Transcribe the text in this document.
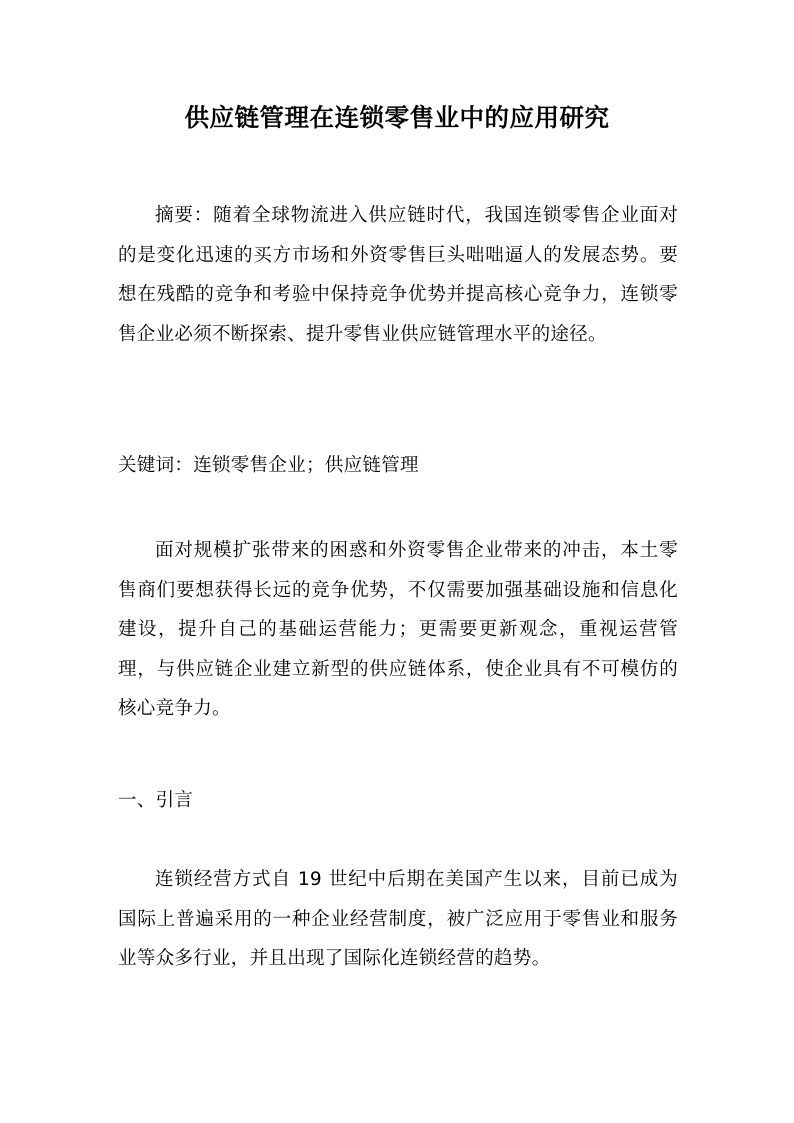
供应链管理在连锁零售业中的应用研究
摘要：随着全球物流进入供应链时代，我国连锁零售企业面对的是变化迅速的买方市场和外资零售巨头咄咄逼人的发展态势。要想在残酷的竞争和考验中保持竞争优势并提高核心竞争力，连锁零售企业必须不断探索、提升零售业供应链管理水平的途径。
关键词：连锁零售企业；供应链管理
面对规模扩张带来的困惑和外资零售企业带来的冲击，本土零售商们要想获得长远的竞争优势，不仅需要加强基础设施和信息化建设，提升自己的基础运营能力；更需要更新观念，重视运营管理，与供应链企业建立新型的供应链体系，使企业具有不可模仿的核心竞争力。
一、引言
连锁经营方式自 19 世纪中后期在美国产生以来，目前已成为国际上普遍采用的一种企业经营制度，被广泛应用于零售业和服务业等众多行业，并且出现了国际化连锁经营的趋势。
